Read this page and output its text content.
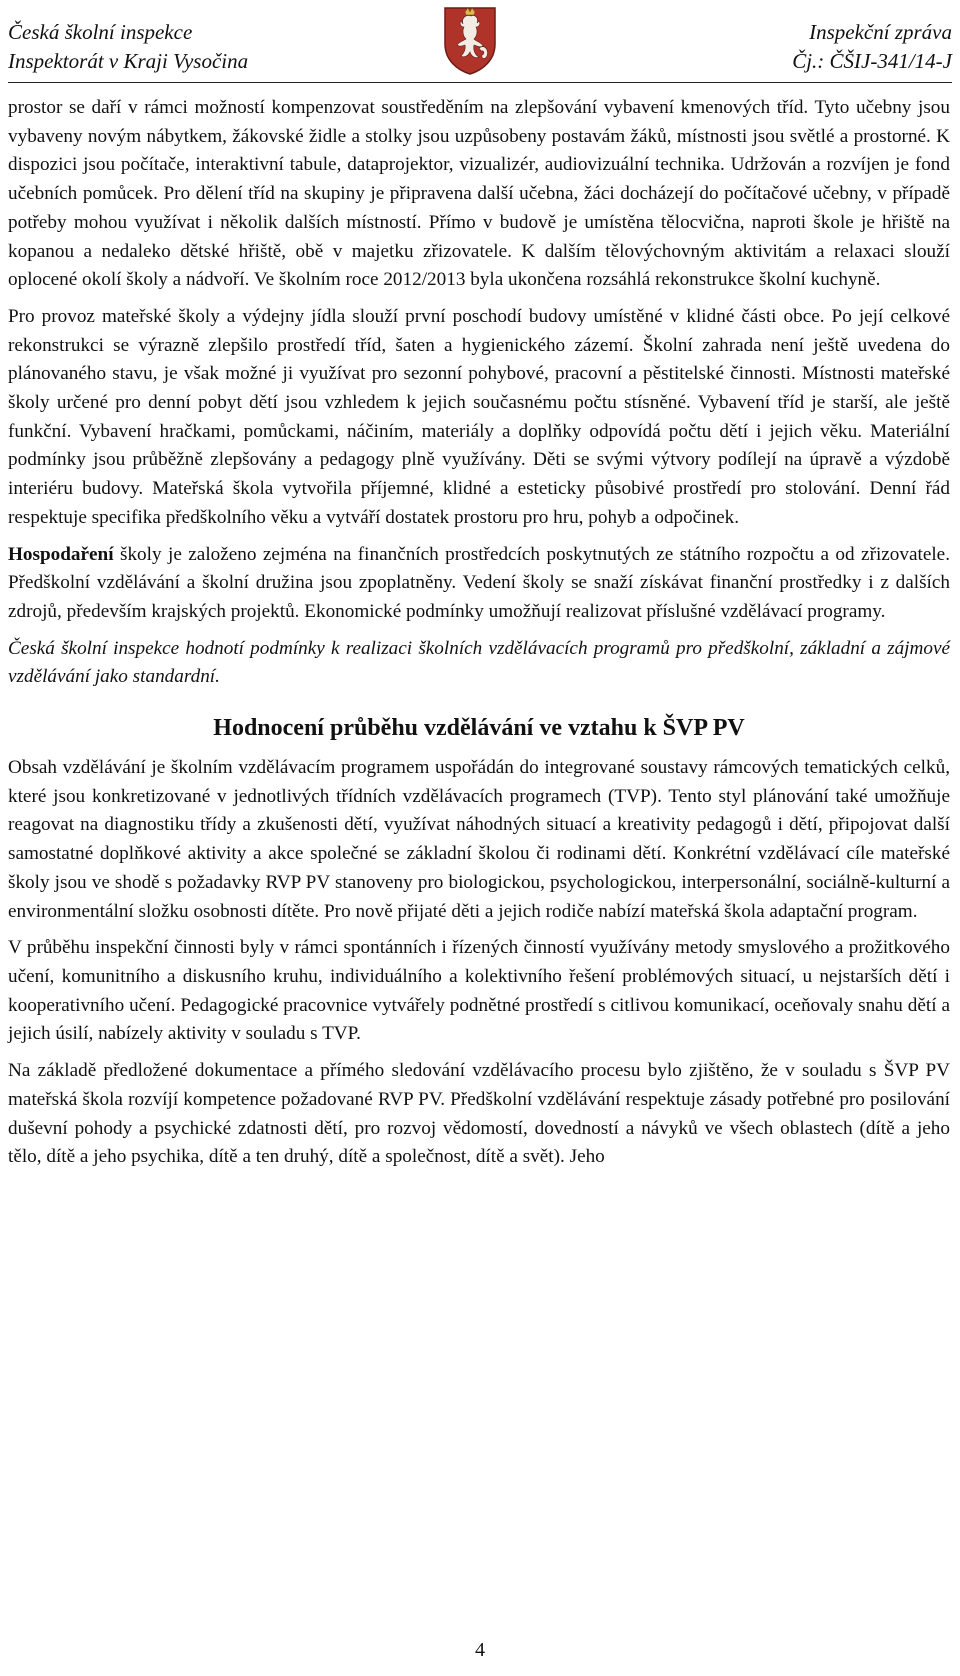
Česká školní inspekce
Inspektorát v Kraji Vysočina
Inspekční zpráva
Čj.: ČŠIJ-341/14-J

prostor se daří v rámci možností kompenzovat soustředěním na zlepšování vybavení kmenových tříd. Tyto učebny jsou vybaveny novým nábytkem, žákovské židle a stolky jsou uzpůsobeny postavám žáků, místnosti jsou světlé a prostorné. K dispozici jsou počítače, interaktivní tabule, dataprojektor, vizualizér, audiovizuální technika. Udržován a rozvíjen je fond učebních pomůcek. Pro dělení tříd na skupiny je připravena další učebna, žáci docházejí do počítačové učebny, v případě potřeby mohou využívat i několik dalších místností. Přímo v budově je umístěna tělocvična, naproti škole je hřiště na kopanou a nedaleko dětské hřiště, obě v majetku zřizovatele. K dalším tělovýchovným aktivitám a relaxaci slouží oplocené okolí školy a nádvoří. Ve školním roce 2012/2013 byla ukončena rozsáhlá rekonstrukce školní kuchyně.

Pro provoz mateřské školy a výdejny jídla slouží první poschodí budovy umístěné v klidné části obce. Po její celkové rekonstrukci se výrazně zlepšilo prostředí tříd, šaten a hygienického zázemí. Školní zahrada není ještě uvedena do plánovaného stavu, je však možné ji využívat pro sezonní pohybové, pracovní a pěstitelské činnosti. Místnosti mateřské školy určené pro denní pobyt dětí jsou vzhledem k jejich současnému počtu stísněné. Vybavení tříd je starší, ale ještě funkční. Vybavení hračkami, pomůckami, náčiním, materiály a doplňky odpovídá počtu dětí i jejich věku. Materiální podmínky jsou průběžně zlepšovány a pedagogy plně využívány. Děti se svými výtvory podílejí na úpravě a výzdobě interiéru budovy. Mateřská škola vytvořila příjemné, klidné a esteticky působivé prostředí pro stolování. Denní řád respektuje specifika předškolního věku a vytváří dostatek prostoru pro hru, pohyb a odpočinek.

Hospodaření školy je založeno zejména na finančních prostředcích poskytnutých ze státního rozpočtu a od zřizovatele. Předškolní vzdělávání a školní družina jsou zpoplatněny. Vedení školy se snaží získávat finanční prostředky i z dalších zdrojů, především krajských projektů. Ekonomické podmínky umožňují realizovat příslušné vzdělávací programy.

Česká školní inspekce hodnotí podmínky k realizaci školních vzdělávacích programů pro předškolní, základní a zájmové vzdělávání jako standardní.

Hodnocení průběhu vzdělávání ve vztahu k ŠVP PV

Obsah vzdělávání je školním vzdělávacím programem uspořádán do integrované soustavy rámcových tematických celků, které jsou konkretizované v jednotlivých třídních vzdělávacích programech (TVP). Tento styl plánování také umožňuje reagovat na diagnostiku třídy a zkušenosti dětí, využívat náhodných situací a kreativity pedagogů i dětí, připojovat další samostatné doplňkové aktivity a akce společné se základní školou či rodinami dětí. Konkrétní vzdělávací cíle mateřské školy jsou ve shodě s požadavky RVP PV stanoveny pro biologickou, psychologickou, interpersonální, sociálně-kulturní a environmentální složku osobnosti dítěte. Pro nově přijaté děti a jejich rodiče nabízí mateřská škola adaptační program.

V průběhu inspekční činnosti byly v rámci spontánních i řízených činností využívány metody smyslového a prožitkového učení, komunitního a diskusního kruhu, individuálního a kolektivního řešení problémových situací, u nejstarších dětí i kooperativního učení. Pedagogické pracovnice vytvářely podnětné prostředí s citlivou komunikací, oceňovaly snahu dětí a jejich úsilí, nabízely aktivity v souladu s TVP.

Na základě předložené dokumentace a přímého sledování vzdělávacího procesu bylo zjištěno, že v souladu s ŠVP PV mateřská škola rozvíjí kompetence požadované RVP PV. Předškolní vzdělávání respektuje zásady potřebné pro posilování duševní pohody a psychické zdatnosti dětí, pro rozvoj vědomostí, dovedností a návyků ve všech oblastech (dítě a jeho tělo, dítě a jeho psychika, dítě a ten druhý, dítě a společnost, dítě a svět). Jeho

4
